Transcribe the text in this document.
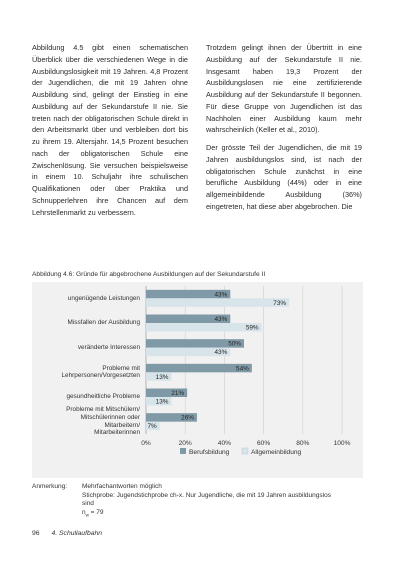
Abbildung 4.5 gibt einen schematischen Überblick über die verschiedenen Wege in die Ausbildungslosigkeit mit 19 Jahren. 4,8 Prozent der Jugendlichen, die mit 19 Jahren ohne Ausbildung sind, gelingt der Einstieg in eine Ausbildung auf der Sekundarstufe II nie. Sie treten nach der obligatorischen Schule direkt in den Arbeitsmarkt über und verbleiben dort bis zu ihrem 19. Altersjahr. 14,5 Prozent besuchen nach der obligatorischen Schule eine Zwischenlösung. Sie versuchen beispielsweise in einem 10. Schuljahr ihre schulischen Qualifikationen oder über Praktika und Schnupperlehren ihre Chancen auf dem Lehrstellenmarkt zu verbessern.

Trotzdem gelingt ihnen der Übertritt in eine Ausbildung auf der Sekundarstufe II nie. Insgesamt haben 19,3 Prozent der Ausbildungslosen nie eine zertifizierende Ausbildung auf der Sekundarstufe II begonnen. Für diese Gruppe von Jugendlichen ist das Nachholen einer Ausbildung kaum mehr wahrscheinlich (Keller et al., 2010).

Der grösste Teil der Jugendlichen, die mit 19 Jahren ausbildungslos sind, ist nach der obligatorischen Schule zunächst in eine berufliche Ausbildung (44%) oder in eine allgemeinbildende Ausbildung (36%) eingetreten, hat diese aber abgebrochen. Die

Abbildung 4.6: Gründe für abgebrochene Ausbildungen auf der Sekundarstufe II
0%	20%	40%	60%	80%	100%
43%
73%
43%
59%
50%
43%
54%
13%
21%
13%
26%
7%
Berufsbildung	Allgemeinbildung
ungenügende Leistungen
Missfallen der Ausbildung
veränderte Interessen
Probleme mit
Lehrpersonen/Vorgesetzten
gesundheitliche Probleme
Probleme mit Mitschülern/
Mitschülerinnen oder
Mitarbeitern/
Mitarbeiterinnen
Anmerkung:	Mehrfachantworten möglich
Stichprobe: Jugendstichprobe ch-x. Nur Jugendliche, die mit 19 Jahren ausbildungslos sind
$n_w = 79$
96 4. Schullaufbahn
